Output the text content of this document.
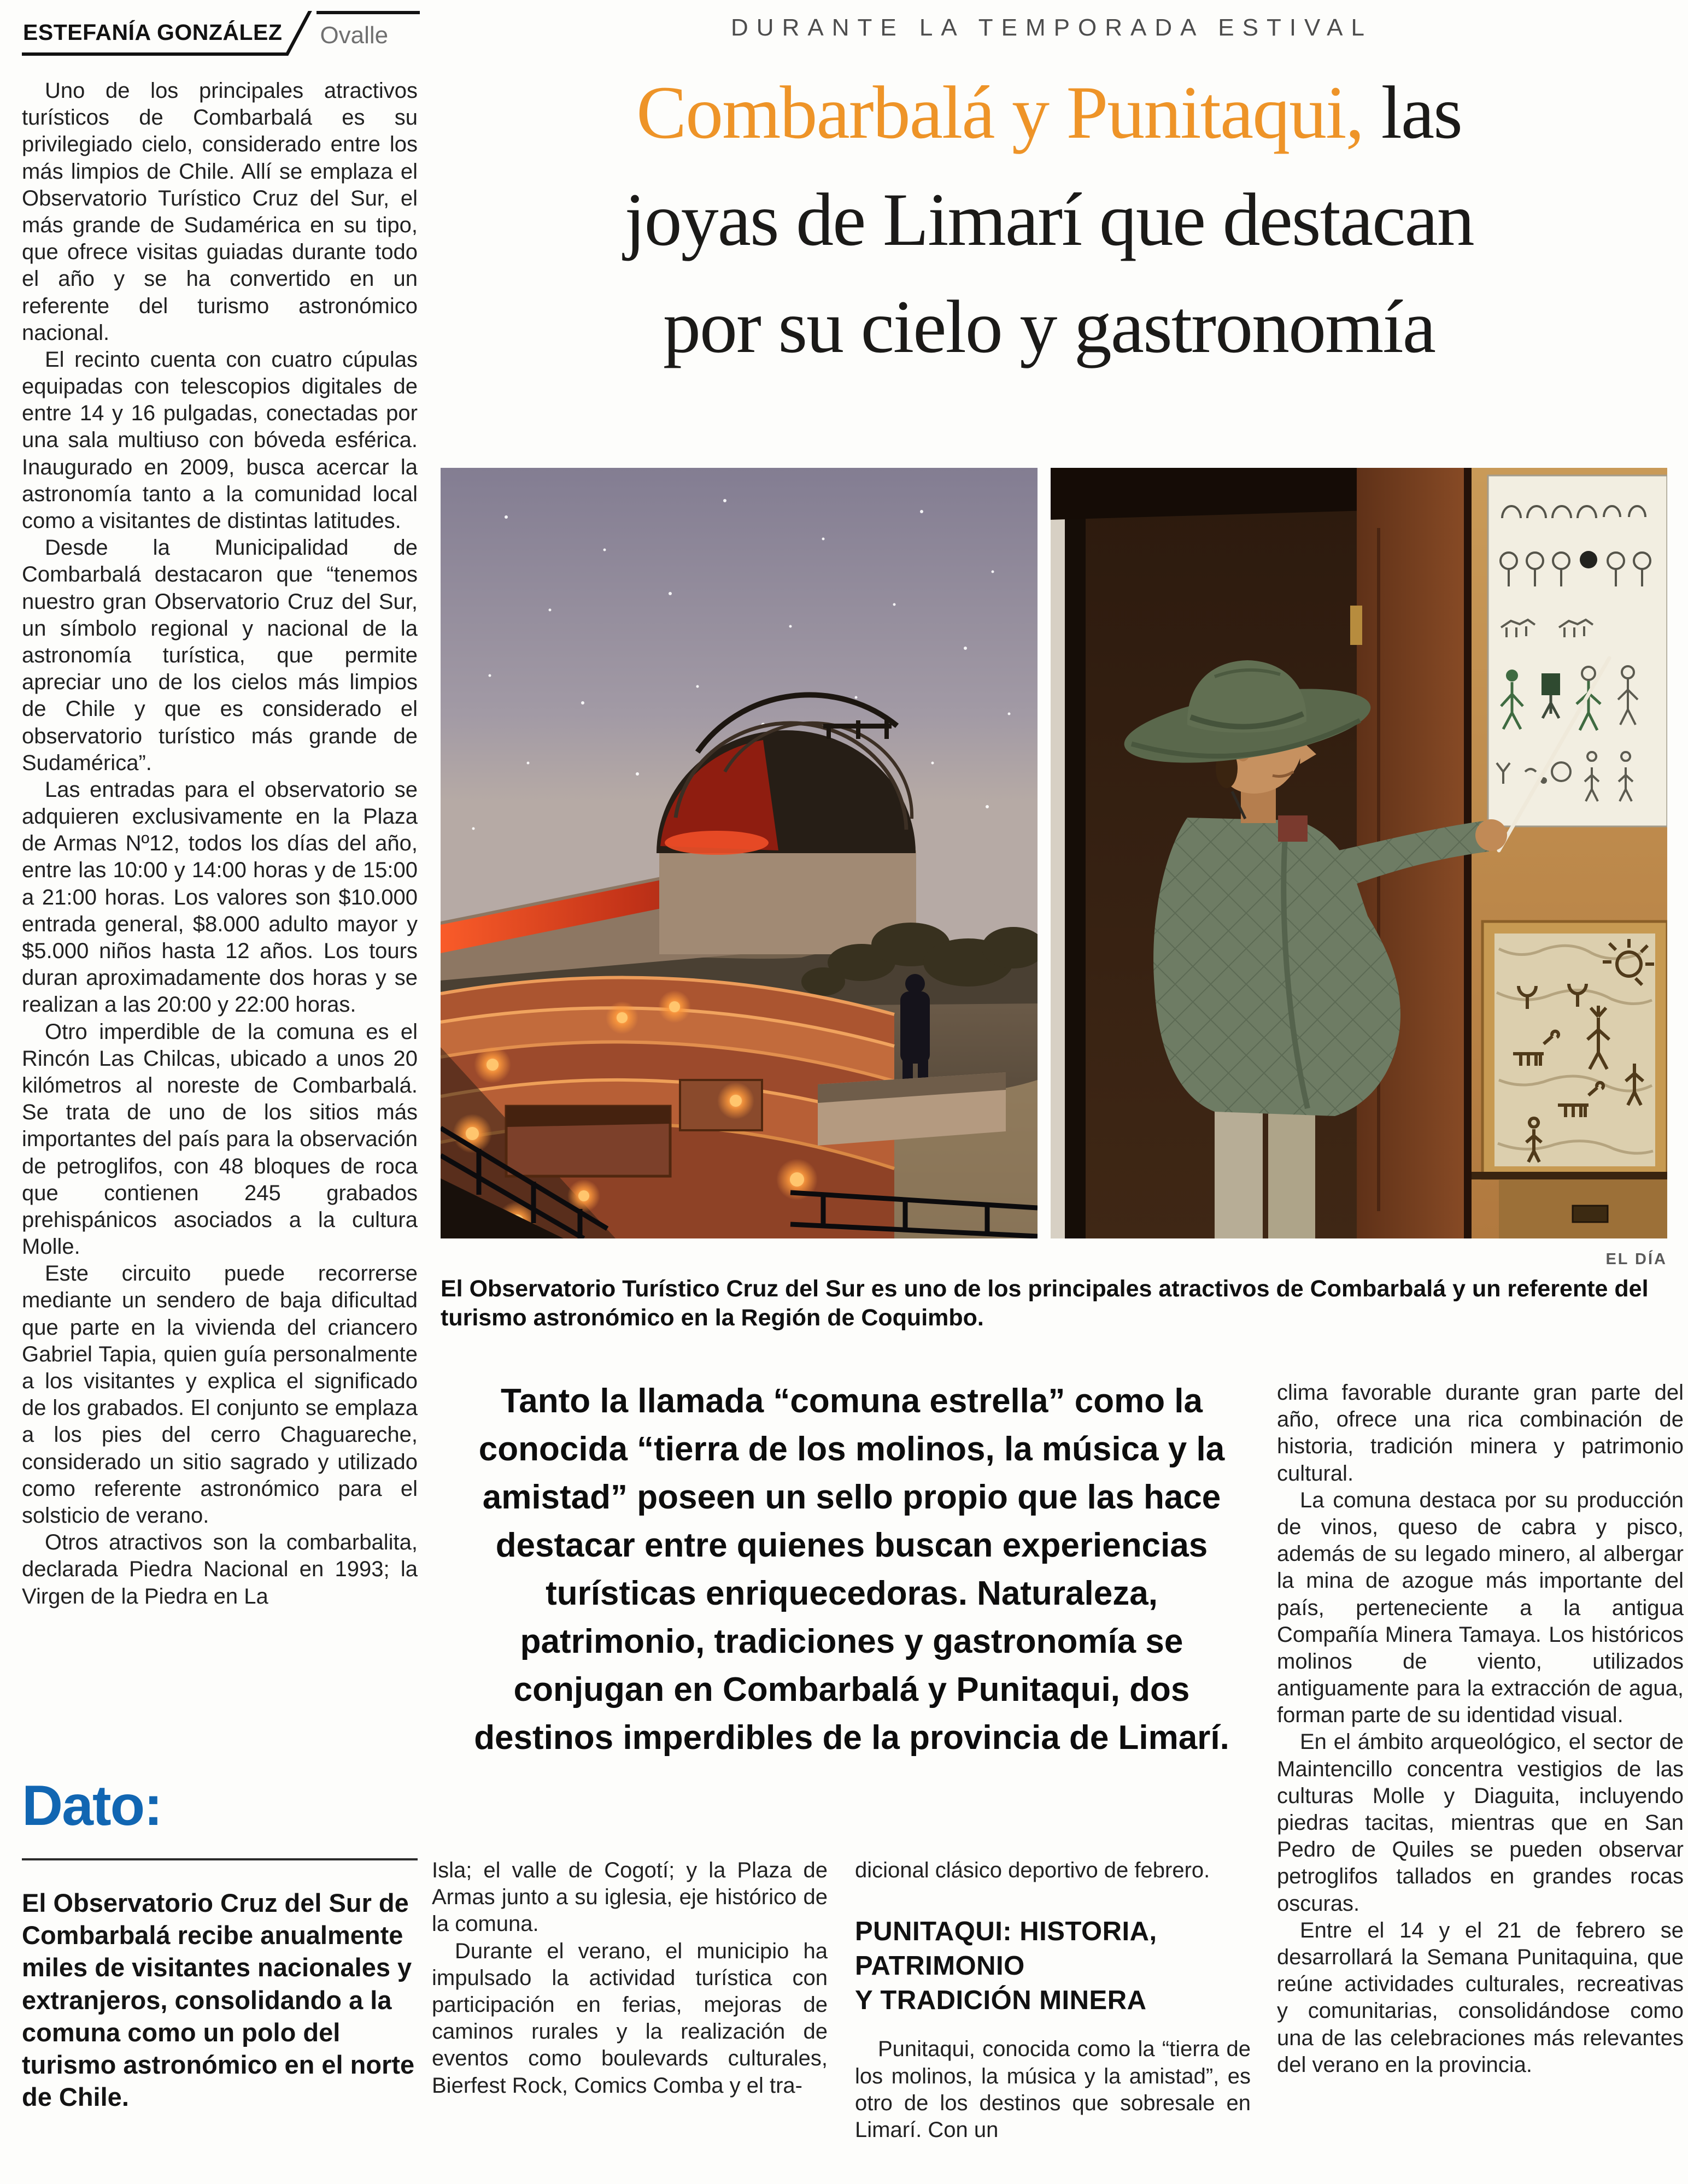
ESTEFANÍA GONZÁLEZ Ovalle	DURANTE LA TEMPORADA ESTIVAL
Combarbalá y Punitaqui, las
joyas de Limarí que destacan
por su cielo y gastronomía

Uno de los principales atractivos turísticos de Combarbalá es su privilegiado cielo, considerado entre los más limpios de Chile. Allí se emplaza el Observatorio Turístico Cruz del Sur, el más grande de Sudamérica en su tipo, que ofrece visitas guiadas durante todo el año y se ha convertido en un referente del turismo astronómico nacional.

El recinto cuenta con cuatro cúpulas equipadas con telescopios digitales de entre 14 y 16 pulgadas, conectadas por una sala multiuso con bóveda esférica. Inaugurado en 2009, busca acercar la astronomía tanto a la comunidad local como a visitantes de distintas latitudes.

Desde la Municipalidad de Combarbalá destacaron que “tenemos nuestro gran Observatorio Cruz del Sur, un símbolo regional y nacional de la astronomía turística, que permite apreciar uno de los cielos más limpios de Chile y que es considerado el observatorio turístico más grande de Sudamérica”.

Las entradas para el observatorio se adquieren exclusivamente en la Plaza de Armas Nº12, todos los días del año, entre las 10:00 y 14:00 horas y de 15:00 a 21:00 horas. Los valores son $10.000 entrada general, $8.000 adulto mayor y $5.000 niños hasta 12 años. Los tours duran aproximadamente dos horas y se realizan a las 20:00 y 22:00 horas.

Otro imperdible de la comuna es el Rincón Las Chilcas, ubicado a unos 20 kilómetros al noreste de Combarbalá. Se trata de uno de los sitios más importantes del país para la observación de petroglifos, con 48 bloques de roca que contienen 245 grabados prehispánicos asociados a la cultura Molle.

Este circuito puede recorrerse mediante un sendero de baja dificultad que parte en la vivienda del criancero Gabriel Tapia, quien guía personalmente a los visitantes y explica el significado de los grabados. El conjunto se emplaza a los pies del cerro Chaguareche, considerado un sitio sagrado y utilizado como referente astronómico para el solsticio de verano.

Otros atractivos son la combarbalita, declarada Piedra Nacional en 1993; la Virgen de la Piedra en La

EL DÍA
El Observatorio Turístico Cruz del Sur es uno de los principales atractivos de Combarbalá y un referente del turismo astronómico en la Región de Coquimbo.
Tanto la llamada “comuna estrella” como la conocida “tierra de los molinos, la música y la amistad” poseen un sello propio que las hace destacar entre quienes buscan experiencias turísticas enriquecedoras. Naturaleza, patrimonio, tradiciones y gastronomía se conjugan en Combarbalá y Punitaqui, dos destinos imperdibles de la provincia de Limarí.

Isla; el valle de Cogotí; y la Plaza de Armas junto a su iglesia, eje histórico de la comuna.

Durante el verano, el municipio ha impulsado la actividad turística con participación en ferias, mejoras de caminos rurales y la realización de eventos como boulevards culturales, Bierfest Rock, Comics Comba y el tra-

dicional clásico deportivo de febrero.

PUNITAQUI: HISTORIA, PATRIMONIO
Y TRADICIÓN MINERA

Punitaqui, conocida como la “tierra de los molinos, la música y la amistad”, es otro de los destinos que sobresale en Limarí. Con un

clima favorable durante gran parte del año, ofrece una rica combinación de historia, tradición minera y patrimonio cultural.

La comuna destaca por su producción de vinos, queso de cabra y pisco, además de su legado minero, al albergar la mina de azogue más importante del país, perteneciente a la antigua Compañía Minera Tamaya. Los históricos molinos de viento, utilizados antiguamente para la extracción de agua, forman parte de su identidad visual.

En el ámbito arqueológico, el sector de Maintencillo concentra vestigios de las culturas Molle y Diaguita, incluyendo piedras tacitas, mientras que en San Pedro de Quiles se pueden observar petroglifos tallados en grandes rocas oscuras.

Entre el 14 y el 21 de febrero se desarrollará la Semana Punitaquina, que reúne actividades culturales, recreativas y comunitarias, consolidándose como una de las celebraciones más relevantes del verano en la provincia.

Dato:
El Observatorio Cruz del Sur de Combarbalá recibe anualmente miles de visitantes nacionales y extranjeros, consolidando a la comuna como un polo del turismo astronómico en el norte de Chile.
